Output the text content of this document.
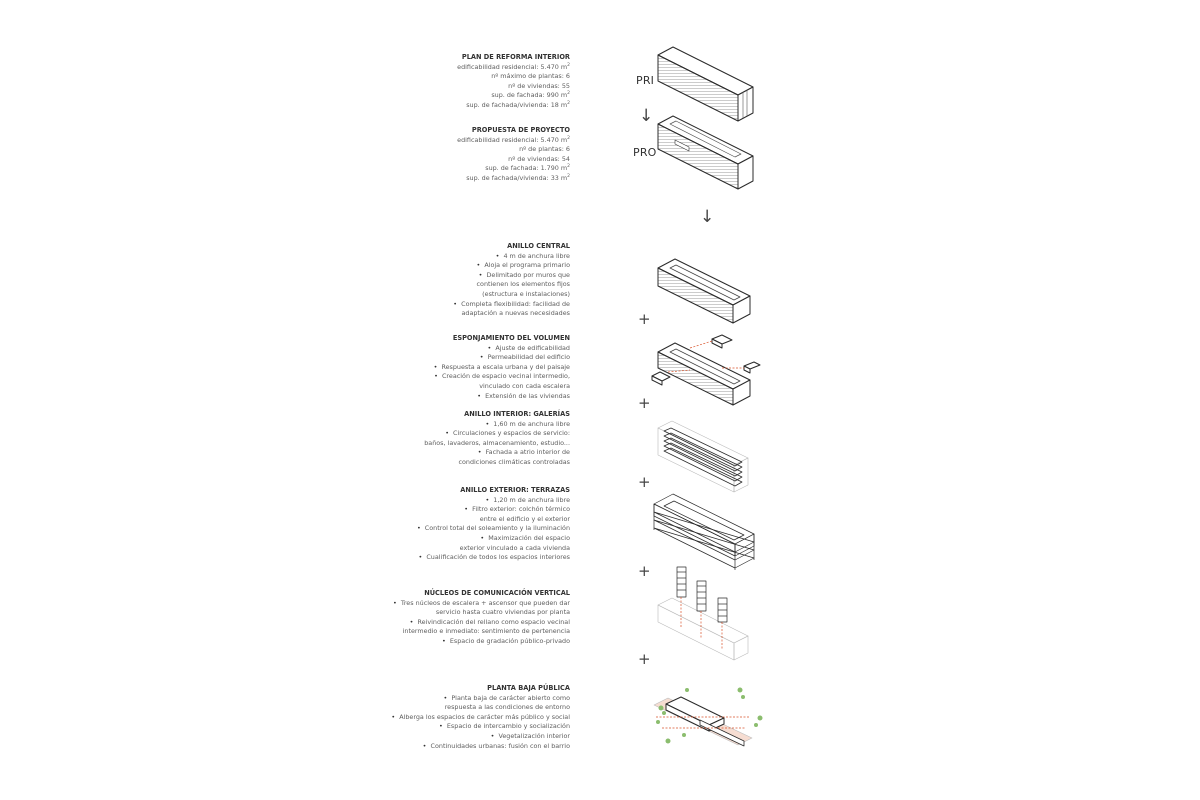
PLAN DE REFORMA INTERIOR
edificabilidad residencial: 5.470 $m^2$
nº máximo de plantas: 6
nº de viviendas: 55
sup. de fachada: 990 $m^2$
sup. de fachada/vivienda: 18 $m^2$
PROPUESTA DE PROYECTO
edificabilidad residencial: 5.470 $m^2$
nº de plantas: 6
nº de viviendas: 54
sup. de fachada: 1.790 $m^2$
sup. de fachada/vivienda: 33 $m^2$
ANILLO CENTRAL
•  4 m de anchura libre
•  Aloja el programa primario
•  Delimitado por muros que
contienen los elementos fijos
(estructura e instalaciones)
•  Completa flexibilidad: facilidad de
adaptación a nuevas necesidades
ESPONJAMIENTO DEL VOLUMEN
•  Ajuste de edificabilidad
•  Permeabilidad del edificio
•  Respuesta a escala urbana y del paisaje
•  Creación de espacio vecinal intermedio,
vinculado con cada escalera
•  Extensión de las viviendas
ANILLO INTERIOR: GALERÍAS
•  1,60 m de anchura libre
•  Circulaciones y espacios de servicio:
baños, lavaderos, almacenamiento, estudio...
•  Fachada a atrio interior de
condiciones climáticas controladas
ANILLO EXTERIOR: TERRAZAS
•  1,20 m de anchura libre
•  Filtro exterior: colchón térmico
entre el edificio y el exterior
•  Control total del soleamiento y la iluminación
•  Maximización del espacio
exterior vinculado a cada vivienda
•  Cualificación de todos los espacios interiores
NÚCLEOS DE COMUNICACIÓN VERTICAL
•  Tres núcleos de escalera + ascensor que pueden dar
servicio hasta cuatro viviendas por planta
•  Reivindicación del rellano como espacio vecinal
intermedio e inmediato: sentimiento de pertenencia
•  Espacio de gradación público-privado
PLANTA BAJA PÚBLICA
•  Planta baja de carácter abierto como
respuesta a las condiciones de entorno
•  Alberga los espacios de carácter más público y social
•  Espacio de intercambio y socialización
•  Vegetalización interior
•  Continuidades urbanas: fusión con el barrio
PRI
PRO
↓
↓
+
+
+
+
+
